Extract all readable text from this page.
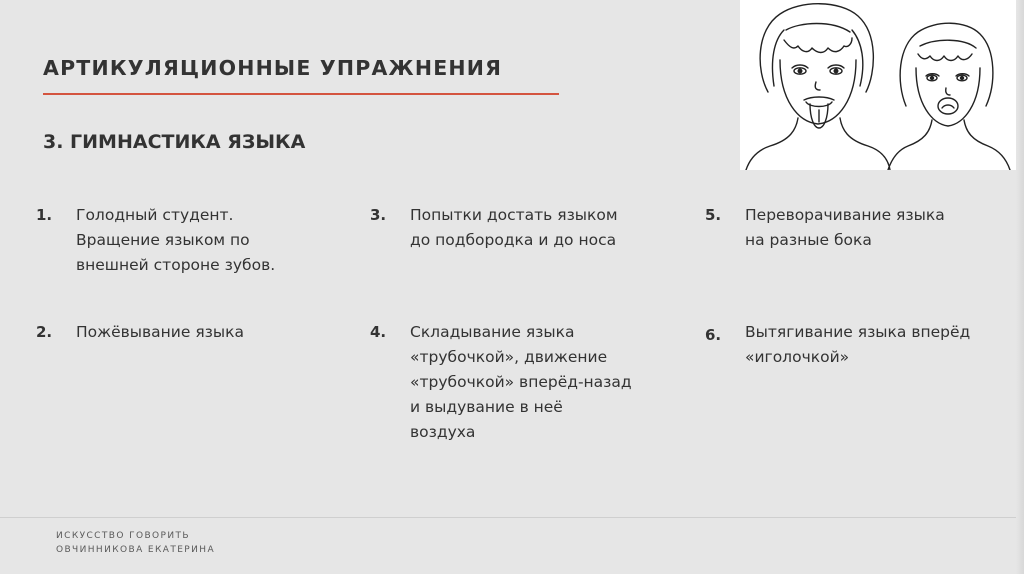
АРТИКУЛЯЦИОННЫЕ УПРАЖНЕНИЯ
3. ГИМНАСТИКА ЯЗЫКА
1.	Голодный студент.
Вращение языком по
внешней стороне зубов.
2.	Пожёвывание языка
3.	Попытки достать языком
до подбородка и до носа
4.	Складывание языка
«трубочкой», движение
«трубочкой» вперёд-назад
и выдувание в неё
воздуха
5.	Переворачивание языка
на разные бока
6.	Вытягивание языка вперёд
«иголочкой»
ИСКУССТВО ГОВОРИТЬ
ОВЧИННИКОВА ЕКАТЕРИНА
